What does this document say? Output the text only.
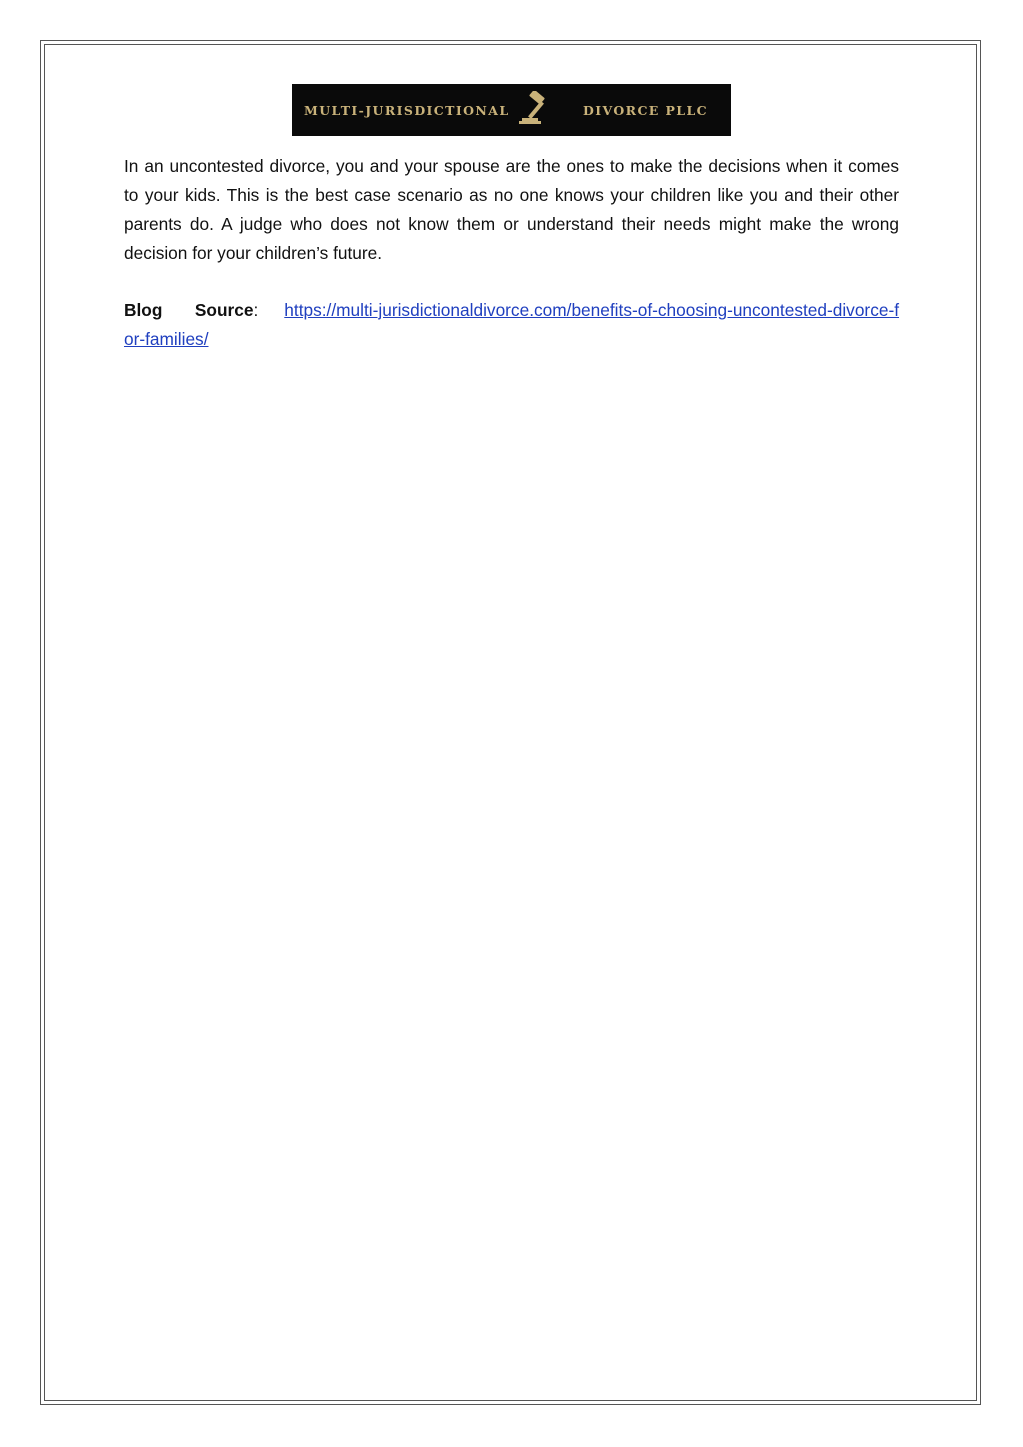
MULTI-JURISDICTIONAL	DIVORCE PLLC

In an uncontested divorce, you and your spouse are the ones to make the decisions when it comes to your kids. This is the best case scenario as no one knows your children like you and their other parents do. A judge who does not know them or understand their needs might make the wrong decision for your children’s future.

Blog Source: https://multi-jurisdictionaldivorce.com/benefits-of-choosing-uncontested-divorce-for-families/
